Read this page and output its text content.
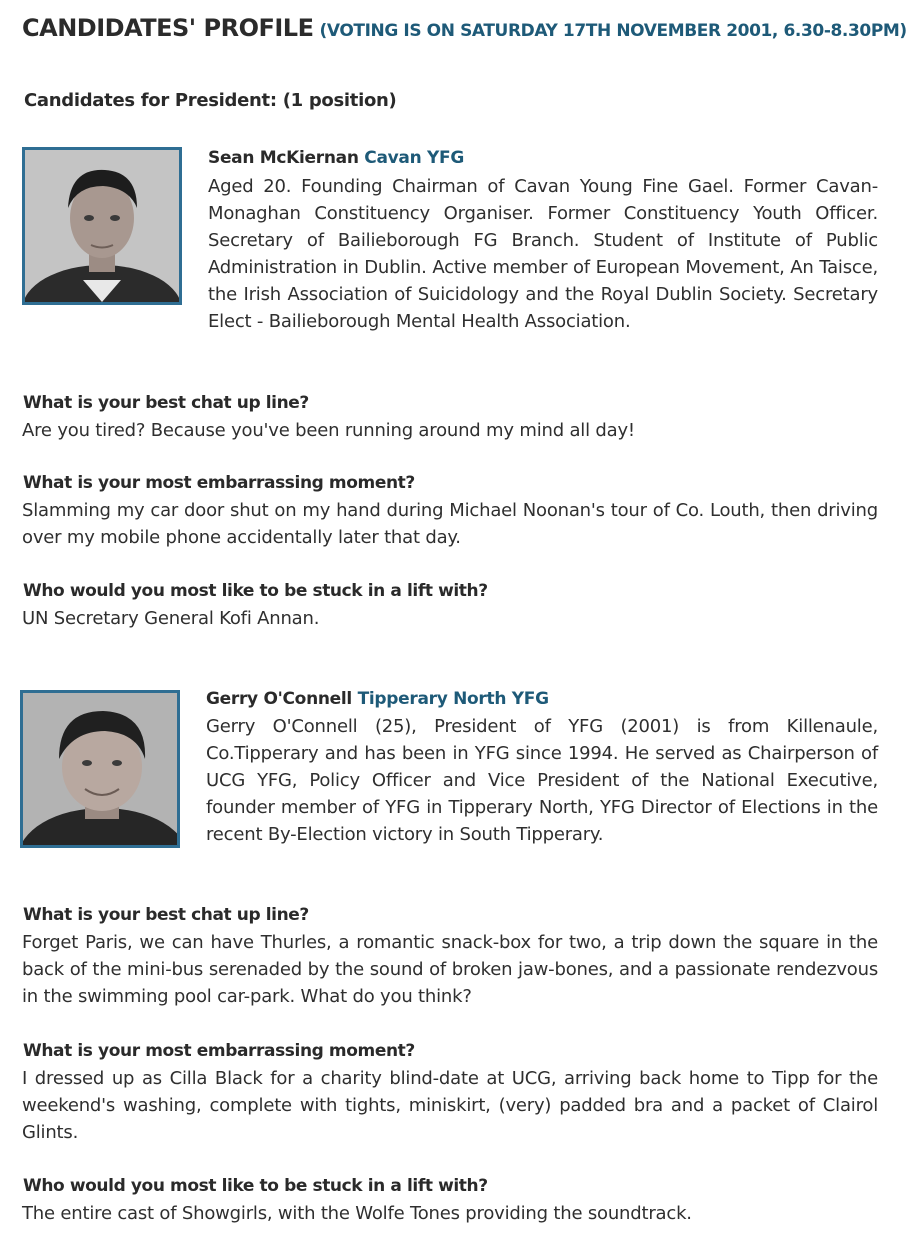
CANDIDATES' PROFILE (VOTING IS ON SATURDAY 17TH NOVEMBER 2001, 6.30-8.30PM)
Candidates for President: (1 position)
Sean McKiernan Cavan YFG
Aged 20. Founding Chairman of Cavan Young Fine Gael. Former Cavan-Monaghan Constituency Organiser. Former Constituency Youth Officer. Secretary of Bailieborough FG Branch. Student of Institute of Public Administration in Dublin. Active member of European Movement, An Taisce, the Irish Association of Suicidology and the Royal Dublin Society. Secretary Elect - Bailieborough Mental Health Association.
What is your best chat up line?
Are you tired? Because you've been running around my mind all day!
What is your most embarrassing moment?
Slamming my car door shut on my hand during Michael Noonan's tour of Co. Louth, then driving over my mobile phone accidentally later that day.
Who would you most like to be stuck in a lift with?
UN Secretary General Kofi Annan.
Gerry O'Connell Tipperary North YFG
Gerry O'Connell (25), President of YFG (2001) is from Killenaule, Co.Tipperary and has been in YFG since 1994. He served as Chairperson of UCG YFG, Policy Officer and Vice President of the National Executive, founder member of YFG in Tipperary North, YFG Director of Elections in the recent By-Election victory in South Tipperary.
What is your best chat up line?
Forget Paris, we can have Thurles, a romantic snack-box for two, a trip down the square in the back of the mini-bus serenaded by the sound of broken jaw-bones, and a passionate rendezvous in the swimming pool car-park. What do you think?
What is your most embarrassing moment?
I dressed up as Cilla Black for a charity blind-date at UCG, arriving back home to Tipp for the weekend's washing, complete with tights, miniskirt, (very) padded bra and a packet of Clairol Glints.
Who would you most like to be stuck in a lift with?
The entire cast of Showgirls, with the Wolfe Tones providing the soundtrack.
